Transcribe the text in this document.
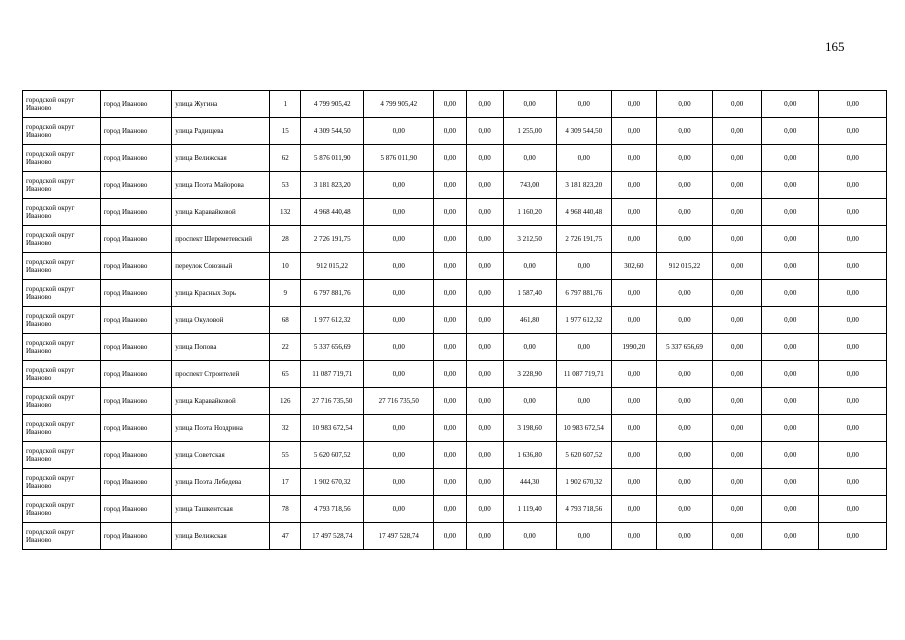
165
городской округ Иваново	город Иваново	улица Жугина	1	4 799 905,42	4 799 905,42	0,00	0,00	0,00	0,00	0,00	0,00	0,00	0,00	0,00
городской округ Иваново	город Иваново	улица Радищева	15	4 309 544,50	0,00	0,00	0,00	1 255,00	4 309 544,50	0,00	0,00	0,00	0,00	0,00
городской округ Иваново	город Иваново	улица Велижская	62	5 876 011,90	5 876 011,90	0,00	0,00	0,00	0,00	0,00	0,00	0,00	0,00	0,00
городской округ Иваново	город Иваново	улица Поэта Майорова	53	3 181 823,20	0,00	0,00	0,00	743,00	3 181 823,20	0,00	0,00	0,00	0,00	0,00
городской округ Иваново	город Иваново	улица Каравайковой	132	4 968 440,48	0,00	0,00	0,00	1 160,20	4 968 440,48	0,00	0,00	0,00	0,00	0,00
городской округ Иваново	город Иваново	проспект Шереметевский	28	2 726 191,75	0,00	0,00	0,00	3 212,50	2 726 191,75	0,00	0,00	0,00	0,00	0,00
городской округ Иваново	город Иваново	переулок Союзный	10	912 015,22	0,00	0,00	0,00	0,00	0,00	302,60	912 015,22	0,00	0,00	0,00
городской округ Иваново	город Иваново	улица Красных Зорь	9	6 797 881,76	0,00	0,00	0,00	1 587,40	6 797 881,76	0,00	0,00	0,00	0,00	0,00
городской округ Иваново	город Иваново	улица Окуловой	68	1 977 612,32	0,00	0,00	0,00	461,80	1 977 612,32	0,00	0,00	0,00	0,00	0,00
городской округ Иваново	город Иваново	улица Попова	22	5 337 656,69	0,00	0,00	0,00	0,00	0,00	1990,20	5 337 656,69	0,00	0,00	0,00
городской округ Иваново	город Иваново	проспект Строителей	65	11 087 719,71	0,00	0,00	0,00	3 228,90	11 087 719,71	0,00	0,00	0,00	0,00	0,00
городской округ Иваново	город Иваново	улица Каравайковой	126	27 716 735,50	27 716 735,50	0,00	0,00	0,00	0,00	0,00	0,00	0,00	0,00	0,00
городской округ Иваново	город Иваново	улица Поэта Ноздрина	32	10 983 672,54	0,00	0,00	0,00	3 198,60	10 983 672,54	0,00	0,00	0,00	0,00	0,00
городской округ Иваново	город Иваново	улица Советская	55	5 620 607,52	0,00	0,00	0,00	1 636,80	5 620 607,52	0,00	0,00	0,00	0,00	0,00
городской округ Иваново	город Иваново	улица Поэта Лебедева	17	1 902 670,32	0,00	0,00	0,00	444,30	1 902 670,32	0,00	0,00	0,00	0,00	0,00
городской округ Иваново	город Иваново	улица Ташкентская	78	4 793 718,56	0,00	0,00	0,00	1 119,40	4 793 718,56	0,00	0,00	0,00	0,00	0,00
городской округ Иваново	город Иваново	улица Велижская	47	17 497 528,74	17 497 528,74	0,00	0,00	0,00	0,00	0,00	0,00	0,00	0,00	0,00
